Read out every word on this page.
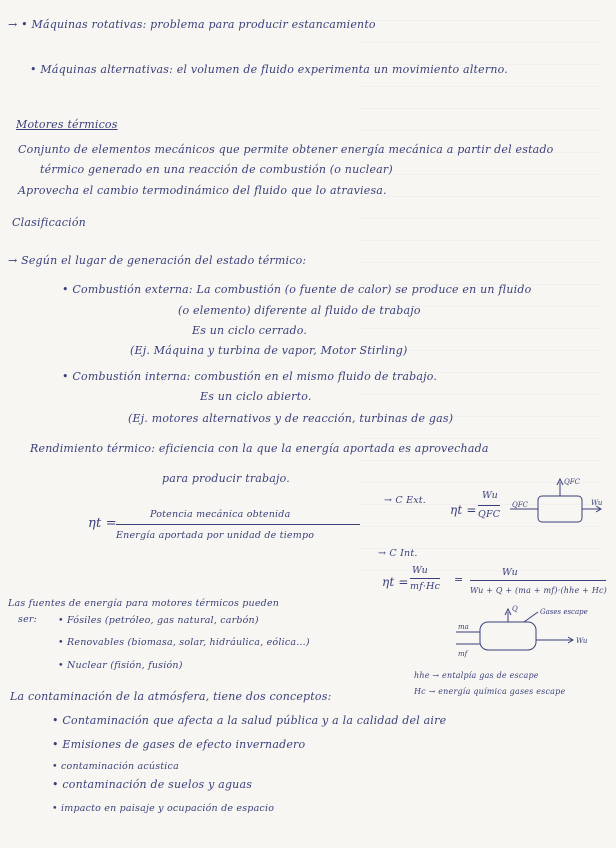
→ • Máquinas rotativas: problema para producir estancamiento
• Máquinas alternativas: el volumen de fluido experimenta un movimiento alterno.
Motores térmicos
Conjunto de elementos mecánicos que permite obtener energía mecánica a partir del estado
térmico generado en una reacción de combustión (o nuclear)
Aprovecha el cambio termodinámico del fluido que lo atraviesa.
Clasificación
→ Según el lugar de generación del estado térmico:
• Combustión externa: La combustión (o fuente de calor) se produce en un fluido
(o elemento) diferente al fluido de trabajo
Es un ciclo cerrado.
(Ej. Máquina y turbina de vapor, Motor Stirling)
• Combustión interna: combustión en el mismo fluido de trabajo.
Es un ciclo abierto.
(Ej. motores alternativos y de reacción, turbinas de gas)
Rendimiento térmico: eficiencia con la que la energía aportada es aprovechada
para producir trabajo.
ηt =
Potencia mecánica obtenida
Energía aportada por unidad de tiempo
→ C Ext.
ηt =
Wu
QFC
QFC
QFC	Wu
→ C Int.
ηt =
Wu
mf·Hc
=
Wu
Wu + Q + (ma + mf)·(hhe + Hc)
Q	Gases escape
ma
mf
Wu
hhe → entalpía gas de escape
Hc → energía química gases escape
Las fuentes de energía para motores térmicos pueden
ser: • Fósiles (petróleo, gas natural, carbón)
• Renovables (biomasa, solar, hidráulica, eólica...)
• Nuclear (fisión, fusión)
La contaminación de la atmósfera, tiene dos conceptos:
• Contaminación que afecta a la salud pública y a la calidad del aire
• Emisiones de gases de efecto invernadero
• contaminación acústica
• contaminación de suelos y aguas
• impacto en paisaje y ocupación de espacio
